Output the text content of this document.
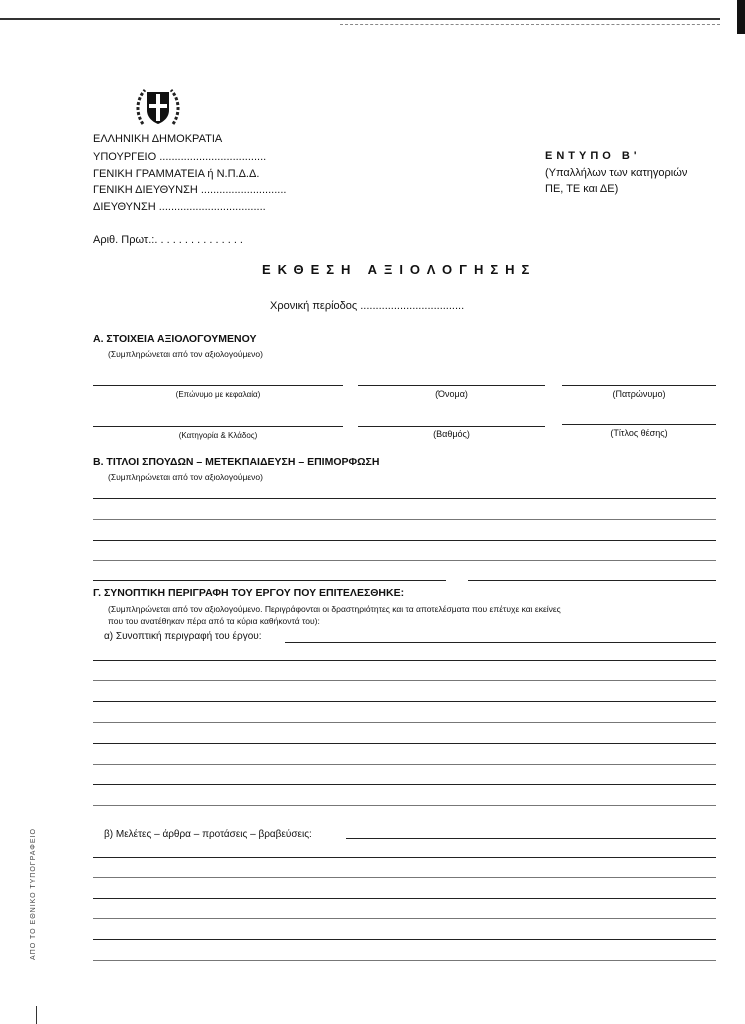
ΕΛΛΗΝΙΚΗ ΔΗΜΟΚΡΑΤΙΑ
ΥΠΟΥΡΓΕΙΟ ...................................
ΓΕΝΙΚΗ ΓΡΑΜΜΑΤΕΙΑ ή Ν.Π.Δ.Δ.
ΓΕΝΙΚΗ ΔΙΕΥΘΥΝΣΗ ............................
ΔΙΕΥΘΥΝΣΗ ...................................
ΕΝΤΥΠΟ Β'
(Υπαλλήλων των κατηγοριών
ΠΕ, ΤΕ και ΔΕ)
Αριθ. Πρωτ.:. . . . . . . . . . . . . . .
ΕΚΘΕΣΗ ΑΞΙΟΛΟΓΗΣΗΣ
Χρονική περίοδος ..................................
Α. ΣΤΟΙΧΕΙΑ ΑΞΙΟΛΟΓΟΥΜΕΝΟΥ
(Συμπληρώνεται από τον αξιολογούμενο)
(Επώνυμο με κεφαλαία)	(Όνομα)	(Πατρώνυμο)
(Κατηγορία & Κλάδος)	(Βαθμός)	(Τίτλος θέσης)
Β. ΤΙΤΛΟΙ ΣΠΟΥΔΩΝ – ΜΕΤΕΚΠΑΙΔΕΥΣΗ – ΕΠΙΜΟΡΦΩΣΗ
(Συμπληρώνεται από τον αξιολογούμενο)
Γ. ΣΥΝΟΠΤΙΚΗ ΠΕΡΙΓΡΑΦΗ ΤΟΥ ΕΡΓΟΥ ΠΟΥ ΕΠΙΤΕΛΕΣΘΗΚΕ:
(Συμπληρώνεται από τον αξιολογούμενο. Περιγράφονται οι δραστηριότητες και τα αποτελέσματα που επέτυχε και εκείνες
που του ανατέθηκαν πέρα από τα κύρια καθήκοντά του):
α) Συνοπτική περιγραφή του έργου:
β) Μελέτες – άρθρα – προτάσεις – βραβεύσεις:
ΑΠΟ ΤΟ ΕΘΝΙΚΟ ΤΥΠΟΓΡΑΦΕΙΟ
